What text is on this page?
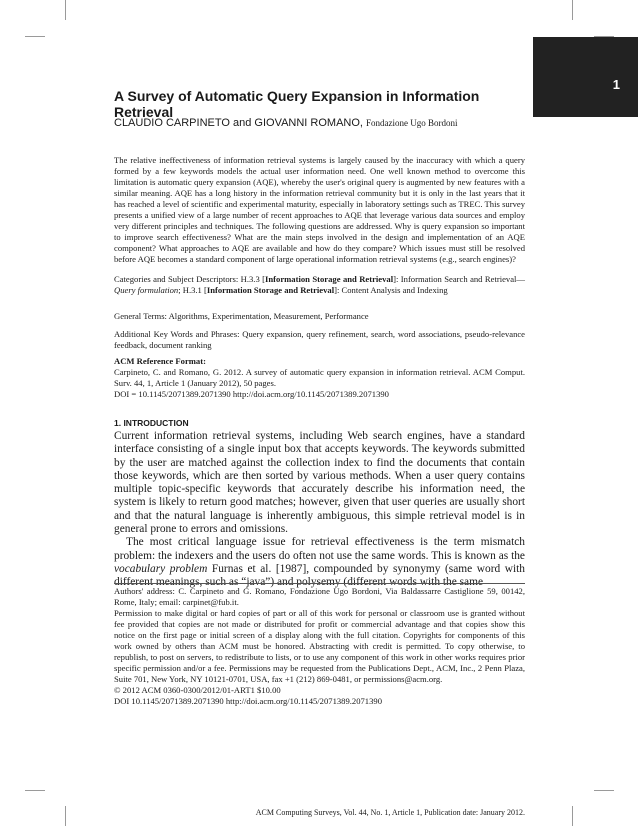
1
A Survey of Automatic Query Expansion in Information Retrieval
CLAUDIO CARPINETO and GIOVANNI ROMANO, Fondazione Ugo Bordoni

The relative ineffectiveness of information retrieval systems is largely caused by the inaccuracy with which a query formed by a few keywords models the actual user information need. One well known method to overcome this limitation is automatic query expansion (AQE), whereby the user's original query is augmented by new features with a similar meaning. AQE has a long history in the information retrieval community but it is only in the last years that it has reached a level of scientific and experimental maturity, especially in laboratory settings such as TREC. This survey presents a unified view of a large number of recent approaches to AQE that leverage various data sources and employ very different principles and techniques. The following questions are addressed. Why is query expansion so important to improve search effectiveness? What are the main steps involved in the design and implementation of an AQE component? What approaches to AQE are available and how do they compare? Which issues must still be resolved before AQE becomes a standard component of large operational information retrieval systems (e.g., search engines)?

Categories and Subject Descriptors: H.3.3 [Information Storage and Retrieval]: Information Search and Retrieval—Query formulation; H.3.1 [Information Storage and Retrieval]: Content Analysis and Indexing

General Terms: Algorithms, Experimentation, Measurement, Performance

Additional Key Words and Phrases: Query expansion, query refinement, search, word associations, pseudo-relevance feedback, document ranking

ACM Reference Format:
Carpineto, C. and Romano, G. 2012. A survey of automatic query expansion in information retrieval. ACM Comput. Surv. 44, 1, Article 1 (January 2012), 50 pages.
DOI = 10.1145/2071389.2071390 http://doi.acm.org/10.1145/2071389.2071390
1. INTRODUCTION

Current information retrieval systems, including Web search engines, have a standard interface consisting of a single input box that accepts keywords. The keywords submitted by the user are matched against the collection index to find the documents that contain those keywords, which are then sorted by various methods. When a user query contains multiple topic-specific keywords that accurately describe his information need, the system is likely to return good matches; however, given that user queries are usually short and that the natural language is inherently ambiguous, this simple retrieval model is in general prone to errors and omissions.

The most critical language issue for retrieval effectiveness is the term mismatch problem: the indexers and the users do often not use the same words. This is known as the vocabulary problem Furnas et al. [1987], compounded by synonymy (same word with

Authors' address: C. Carpineto and G. Romano, Fondazione Ugo Bordoni, Via Baldassarre Castiglione 59, 00142, Rome, Italy; email: carpinet@fub.it.
Permission to make digital or hard copies of part or all of this work for personal or classroom use is granted without fee provided that copies are not made or distributed for profit or commercial advantage and that copies show this notice on the first page or initial screen of a display along with the full citation. Copyrights for components of this work owned by others than ACM must be honored. Abstracting with credit is permitted. To copy otherwise, to republish, to post on servers, to redistribute to lists, or to use any component of this work in other works requires prior specific permission and/or a fee. Permissions may be requested from the Publications Dept., ACM, Inc., 2 Penn Plaza, Suite 701, New York, NY 10121-0701, USA, fax +1 (212) 869-0481, or permissions@acm.org.
© 2012 ACM 0360-0300/2012/01-ART1 $10.00
DOI 10.1145/2071389.2071390 http://doi.acm.org/10.1145/2071389.2071390
ACM Computing Surveys, Vol. 44, No. 1, Article 1, Publication date: January 2012.
